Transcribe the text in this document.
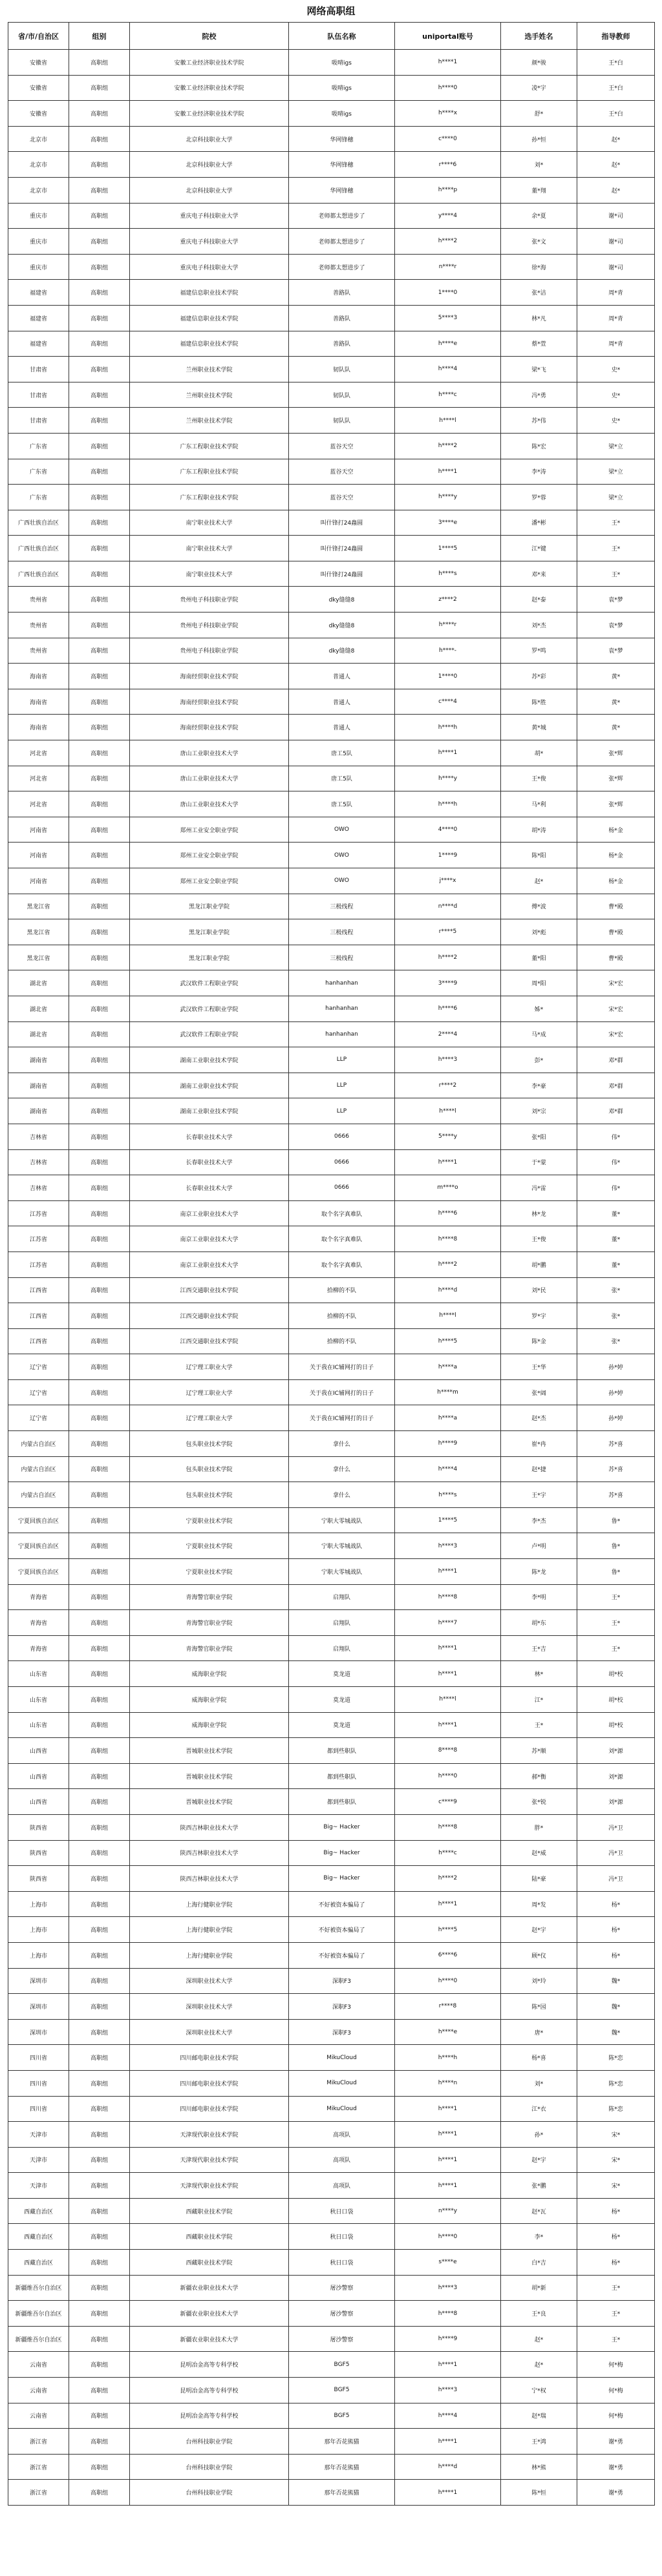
网络高职组
省/市/自治区	组别	院校	队伍名称	uniportal账号	选手姓名	指导教师
安徽省	高职组	安徽工业经济职业技术学院	吸晴igs	h****1	颜*骏	王*白
安徽省	高职组	安徽工业经济职业技术学院	吸晴igs	h****0	凌*宇	王*白
安徽省	高职组	安徽工业经济职业技术学院	吸晴igs	h****x	舒*	王*白
北京市	高职组	北京科技职业大学	华网锋穗	c****0	孙*恒	赵*
北京市	高职组	北京科技职业大学	华网锋穗	r****6	刘*	赵*
北京市	高职组	北京科技职业大学	华网锋穗	h****p	董*翔	赵*
重庆市	高职组	重庆电子科技职业大学	老师都太想进步了	y****4	余*夏	谢*司
重庆市	高职组	重庆电子科技职业大学	老师都太想进步了	h****2	张*文	谢*司
重庆市	高职组	重庆电子科技职业大学	老师都太想进步了	n****r	徐*海	谢*司
福建省	高职组	福建信息职业技术学院	善路队	1****0	张*洁	周*青
福建省	高职组	福建信息职业技术学院	善路队	5****3	林*凡	周*青
福建省	高职组	福建信息职业技术学院	善路队	h****e	蔡*萱	周*青
甘肃省	高职组	兰州职业技术学院	韧队队	h****4	梁*飞	史*
甘肃省	高职组	兰州职业技术学院	韧队队	h****c	冯*勇	史*
甘肃省	高职组	兰州职业技术学院	韧队队	h****l	苏*伟	史*
广东省	高职组	广东工程职业技术学院	蓝谷天空	h****2	陈*宏	梁*立
广东省	高职组	广东工程职业技术学院	蓝谷天空	h****1	李*涛	梁*立
广东省	高职组	广东工程职业技术学院	蓝谷天空	h****y	罗*蓉	梁*立
广西壮族自治区	高职组	南宁职业技术大学	叫什锋打24蟲圆	3****e	潘*彬	王*
广西壮族自治区	高职组	南宁职业技术大学	叫什锋打24蟲圆	1****5	江*键	王*
广西壮族自治区	高职组	南宁职业技术大学	叫什锋打24蟲圆	h****s	邓*来	王*
贵州省	高职组	贵州电子科技职业学院	dky缝缝8	z****2	赵*泰	袁*梦
贵州省	高职组	贵州电子科技职业学院	dky缝缝8	h****r	刘*杰	袁*梦
贵州省	高职组	贵州电子科技职业学院	dky缝缝8	h****-	罗*鸣	袁*梦
海南省	高职组	海南经贸职业技术学院	普通人	1****0	苏*彩	黄*
海南省	高职组	海南经贸职业技术学院	普通人	c****4	陈*胜	黄*
海南省	高职组	海南经贸职业技术学院	普通人	h****h	黄*城	黄*
河北省	高职组	唐山工业职业技术大学	唐工5队	h****1	胡*	张*辉
河北省	高职组	唐山工业职业技术大学	唐工5队	h****y	王*俊	张*辉
河北省	高职组	唐山工业职业技术大学	唐工5队	h****h	马*利	张*辉
河南省	高职组	郑州工业安全职业学院	OWO	4****0	胡*涛	杨*金
河南省	高职组	郑州工业安全职业学院	OWO	1****9	陈*阳	杨*金
河南省	高职组	郑州工业安全职业学院	OWO	j****x	赵*	杨*金
黑龙江省	高职组	黑龙江职业学院	三极线程	n****d	傅*波	曹*殿
黑龙江省	高职组	黑龙江职业学院	三极线程	r****5	刘*彪	曹*殿
黑龙江省	高职组	黑龙江职业学院	三极线程	h****2	董*阳	曹*殿
湖北省	高职组	武汉软件工程职业学院	hanhanhan	3****9	周*阳	宋*宏
湖北省	高职组	武汉软件工程职业学院	hanhanhan	h****6	姊*	宋*宏
湖北省	高职组	武汉软件工程职业学院	hanhanhan	2****4	马*成	宋*宏
湖南省	高职组	湖南工业职业技术学院	LLP	h****3	彭*	邓*群
湖南省	高职组	湖南工业职业技术学院	LLP	r****2	李*豪	邓*群
湖南省	高职组	湖南工业职业技术学院	LLP	h****l	刘*宗	邓*群
吉林省	高职组	长春职业技术大学	0666	5****y	张*阳	伟*
吉林省	高职组	长春职业技术大学	0666	h****1	于*蒙	伟*
吉林省	高职组	长春职业技术大学	0666	m****o	冯*雷	伟*
江苏省	高职组	南京工业职业技术大学	取个名字真难队	h****6	林*龙	董*
江苏省	高职组	南京工业职业技术大学	取个名字真难队	h****8	王*俊	董*
江苏省	高职组	南京工业职业技术大学	取个名字真难队	h****2	胡*鹏	董*
江西省	高职组	江西交通职业技术学院	拾柳的不队	h****d	刘*民	张*
江西省	高职组	江西交通职业技术学院	拾柳的不队	h****l	罗*宇	张*
江西省	高职组	江西交通职业技术学院	拾柳的不队	h****5	陈*金	张*
辽宁省	高职组	辽宁理工职业大学	关于我在IC辅网打的日子	h****a	王*华	孙*婷
辽宁省	高职组	辽宁理工职业大学	关于我在IC辅网打的日子	h****m	张*阔	孙*婷
辽宁省	高职组	辽宁理工职业大学	关于我在IC辅网打的日子	h****a	赵*杰	孙*婷
内蒙古自治区	高职组	包头职业技术学院	拿什么	h****9	崔*冉	苏*喜
内蒙古自治区	高职组	包头职业技术学院	拿什么	h****4	赵*捷	苏*喜
内蒙古自治区	高职组	包头职业技术学院	拿什么	h****s	王*宇	苏*喜
宁夏回族自治区	高职组	宁夏职业技术学院	宁职大零城战队	1****5	李*杰	鲁*
宁夏回族自治区	高职组	宁夏职业技术学院	宁职大零城战队	h****3	卢*明	鲁*
宁夏回族自治区	高职组	宁夏职业技术学院	宁职大零城战队	h****1	陈*龙	鲁*
青海省	高职组	青海警官职业学院	启翔队	h****8	李*明	王*
青海省	高职组	青海警官职业学院	启翔队	h****7	胡*东	王*
青海省	高职组	青海警官职业学院	启翔队	h****1	王*吉	王*
山东省	高职组	威海职业学院	莫龙道	h****1	林*	胡*校
山东省	高职组	威海职业学院	莫龙道	h****l	江*	胡*校
山东省	高职组	威海职业学院	莫龙道	h****1	王*	胡*校
山西省	高职组	晋城职业技术学院	都到些职队	8****8	苏*顺	刘*源
山西省	高职组	晋城职业技术学院	都到些职队	h****0	郝*衡	刘*源
山西省	高职组	晋城职业技术学院	都到些职队	c****9	张*锐	刘*源
陕西省	高职组	陕西吉林职业技术大学	Big~ Hacker	h****8	胖*	冯*卫
陕西省	高职组	陕西吉林职业技术大学	Big~ Hacker	h****c	赵*威	冯*卫
陕西省	高职组	陕西吉林职业技术大学	Big~ Hacker	h****2	陆*豪	冯*卫
上海市	高职组	上海行健职业学院	不好被资本骗局了	h****1	周*发	杨*
上海市	高职组	上海行健职业学院	不好被资本骗局了	h****5	赵*宇	杨*
上海市	高职组	上海行健职业学院	不好被资本骗局了	6****6	顾*仪	杨*
深圳市	高职组	深圳职业技术大学	深职F3	h****0	刘*玲	魏*
深圳市	高职组	深圳职业技术大学	深职F3	r****8	陈*园	魏*
深圳市	高职组	深圳职业技术大学	深职F3	h****e	唐*	魏*
四川省	高职组	四川邮电职业技术学院	MikuCloud	h****h	杨*喜	陈*恋
四川省	高职组	四川邮电职业技术学院	MikuCloud	h****n	刘*	陈*恋
四川省	高职组	四川邮电职业技术学院	MikuCloud	h****1	江*衣	陈*恋
天津市	高职组	天津现代职业技术学院	高项队	h****1	孙*	宋*
天津市	高职组	天津现代职业技术学院	高项队	h****1	赵*宇	宋*
天津市	高职组	天津现代职业技术学院	高项队	h****1	张*鹏	宋*
西藏自治区	高职组	西藏职业技术学院	秋日口袋	n****y	赵*瓦	杨*
西藏自治区	高职组	西藏职业技术学院	秋日口袋	h****0	李*	杨*
西藏自治区	高职组	西藏职业技术学院	秋日口袋	s****e	白*吉	杨*
新疆维吾尔自治区	高职组	新疆农业职业技术大学	屠沙警察	h****3	胡*新	王*
新疆维吾尔自治区	高职组	新疆农业职业技术大学	屠沙警察	h****8	王*良	王*
新疆维吾尔自治区	高职组	新疆农业职业技术大学	屠沙警察	h****9	赵*	王*
云南省	高职组	昆明冶金高等专科学校	BGF5	h****1	赵*	何*梅
云南省	高职组	昆明冶金高等专科学校	BGF5	h****3	宁*权	何*梅
云南省	高职组	昆明冶金高等专科学校	BGF5	h****4	赵*瑞	何*梅
浙江省	高职组	台州科技职业学院	那年否花熊猫	h****1	王*鸿	谢*勇
浙江省	高职组	台州科技职业学院	那年否花熊猫	h****d	林*熊	谢*勇
浙江省	高职组	台州科技职业学院	那年否花熊猫	h****1	陈*恒	谢*勇
